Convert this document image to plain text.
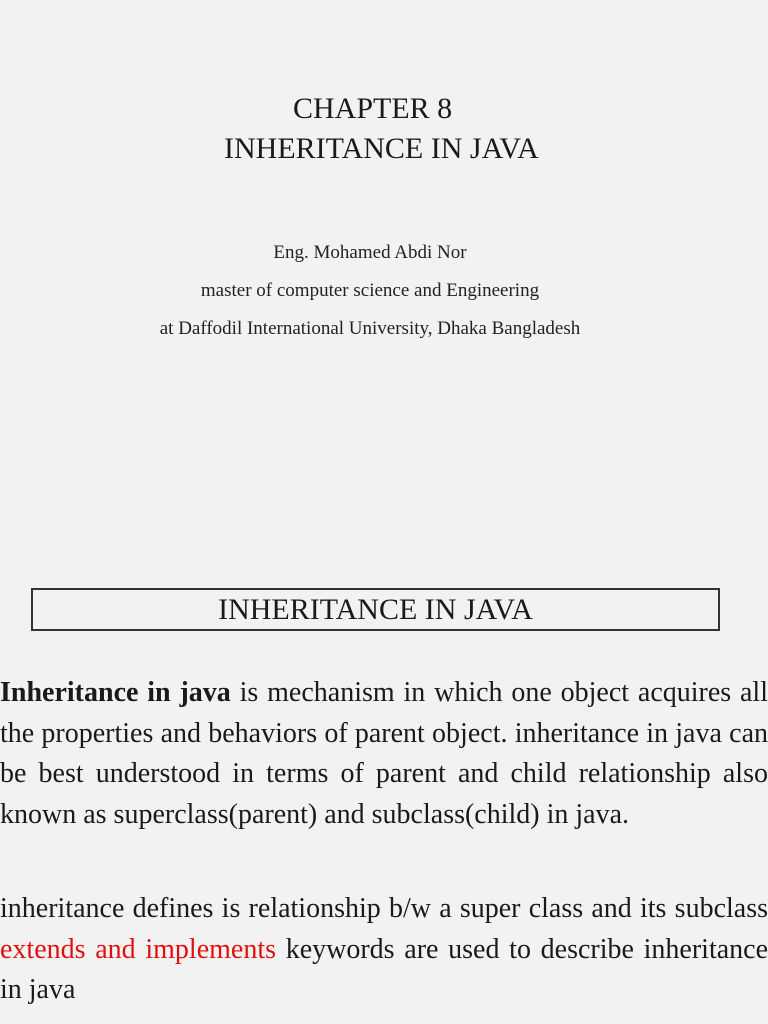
CHAPTER 8
INHERITANCE IN JAVA
Eng. Mohamed Abdi Nor
master of computer science and Engineering
at Daffodil International University, Dhaka Bangladesh
INHERITANCE IN JAVA

Inheritance in java is mechanism in which one object acquires all the properties and behaviors of parent object. inheritance in java can be best understood in terms of parent and child relationship also known as superclass(parent) and subclass(child) in java.

inheritance defines is relationship b/w a super class and its subclass extends and implements keywords are used to describe inheritance in java
